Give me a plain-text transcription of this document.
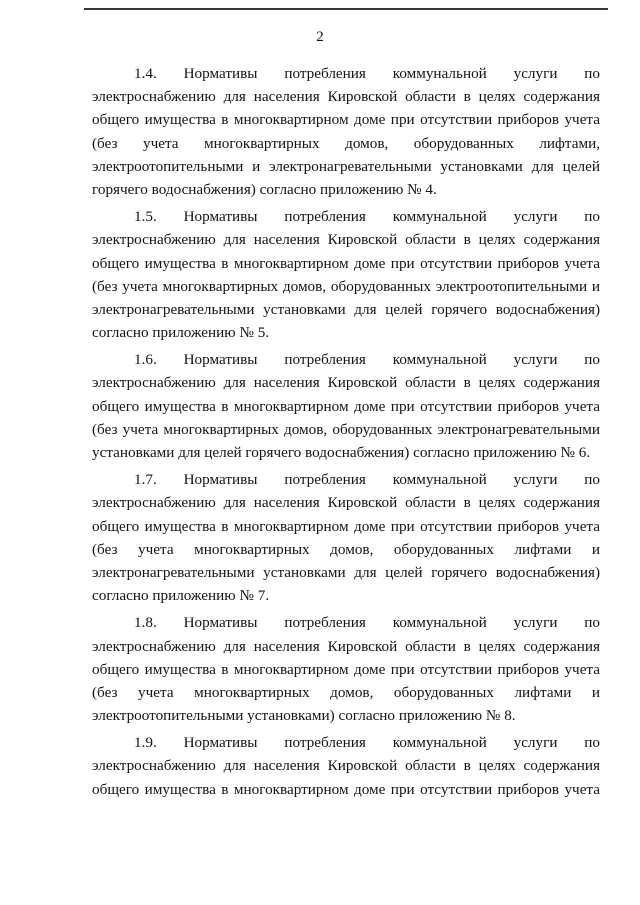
2
1.4. Нормативы потребления коммунальной услуги по
электроснабжению для населения Кировской области в целях содержания
общего имущества в многоквартирном доме при отсутствии приборов учета
(без учета многоквартирных домов, оборудованных лифтами,
электроотопительными и электронагревательными установками для целей
горячего водоснабжения) согласно приложению № 4.
1.5. Нормативы потребления коммунальной услуги по
электроснабжению для населения Кировской области в целях содержания
общего имущества в многоквартирном доме при отсутствии приборов учета
(без учета многоквартирных домов, оборудованных электроотопительными и
электронагревательными установками для целей горячего водоснабжения)
согласно приложению № 5.
1.6. Нормативы потребления коммунальной услуги по
электроснабжению для населения Кировской области в целях содержания
общего имущества в многоквартирном доме при отсутствии приборов учета
(без учета многоквартирных домов, оборудованных электронагревательными
установками для целей горячего водоснабжения) согласно приложению № 6.
1.7. Нормативы потребления коммунальной услуги по
электроснабжению для населения Кировской области в целях содержания
общего имущества в многоквартирном доме при отсутствии приборов учета
(без учета многоквартирных домов, оборудованных лифтами и
электронагревательными установками для целей горячего водоснабжения)
согласно приложению № 7.
1.8. Нормативы потребления коммунальной услуги по
электроснабжению для населения Кировской области в целях содержания
общего имущества в многоквартирном доме при отсутствии приборов учета
(без учета многоквартирных домов, оборудованных лифтами и
электроотопительными установками) согласно приложению № 8.
1.9. Нормативы потребления коммунальной услуги по
электроснабжению для населения Кировской области в целях содержания
общего имущества в многоквартирном доме при отсутствии приборов учета
